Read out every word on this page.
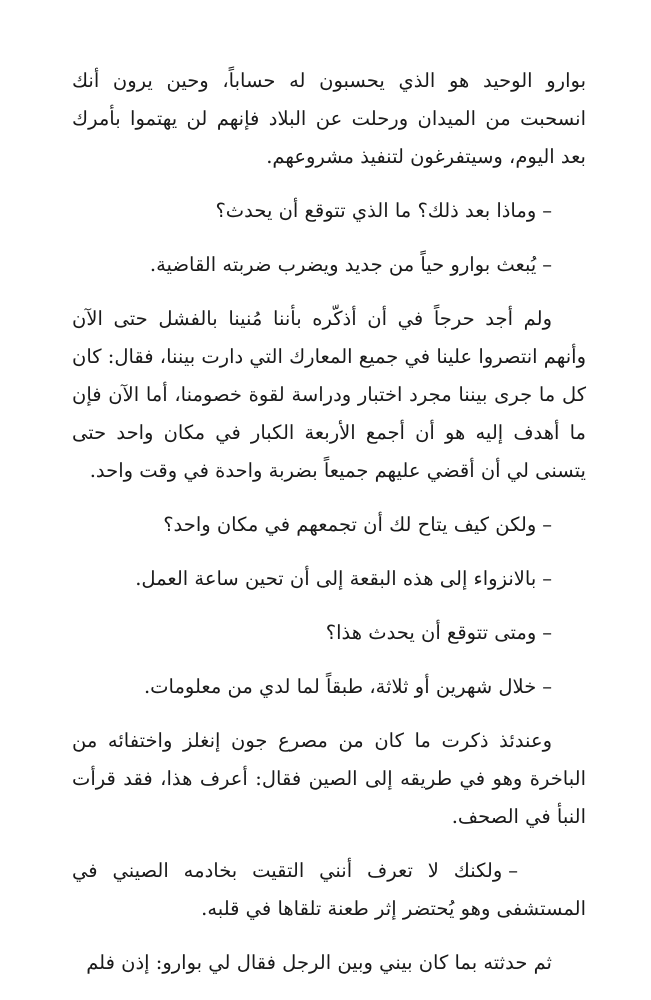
بوارو الوحيد هو الذي يحسبون له حساباً، وحين يرون أنك انسحبت من الميدان ورحلت عن البلاد فإنهم لن يهتموا بأمرك بعد اليوم، وسيتفرغون لتنفيذ مشروعهم.

–وماذا بعد ذلك؟ ما الذي تتوقع أن يحدث؟

–يُبعث بوارو حياً من جديد ويضرب ضربته القاضية.

ولم أجد حرجاً في أن أذكّره بأننا مُنينا بالفشل حتى الآن وأنهم انتصروا علينا في جميع المعارك التي دارت بيننا، فقال: كان كل ما جرى بيننا مجرد اختبار ودراسة لقوة خصومنا، أما الآن فإن ما أهدف إليه هو أن أجمع الأربعة الكبار في مكان واحد حتى يتسنى لي أن أقضي عليهم جميعاً بضربة واحدة في وقت واحد.

–ولكن كيف يتاح لك أن تجمعهم في مكان واحد؟

–بالانزواء إلى هذه البقعة إلى أن تحين ساعة العمل.

–ومتى تتوقع أن يحدث هذا؟

–خلال شهرين أو ثلاثة، طبقاً لما لدي من معلومات.

وعندئذ ذكرت ما كان من مصرع جون إنغلز واختفائه من الباخرة وهو في طريقه إلى الصين فقال: أعرف هذا، فقد قرأت النبأ في الصحف.

–ولكنك لا تعرف أنني التقيت بخادمه الصيني في المستشفى وهو يُحتضر إثر طعنة تلقاها في قلبه.

ثم حدثته بما كان بيني وبين الرجل فقال لي بوارو: إذن فلم
